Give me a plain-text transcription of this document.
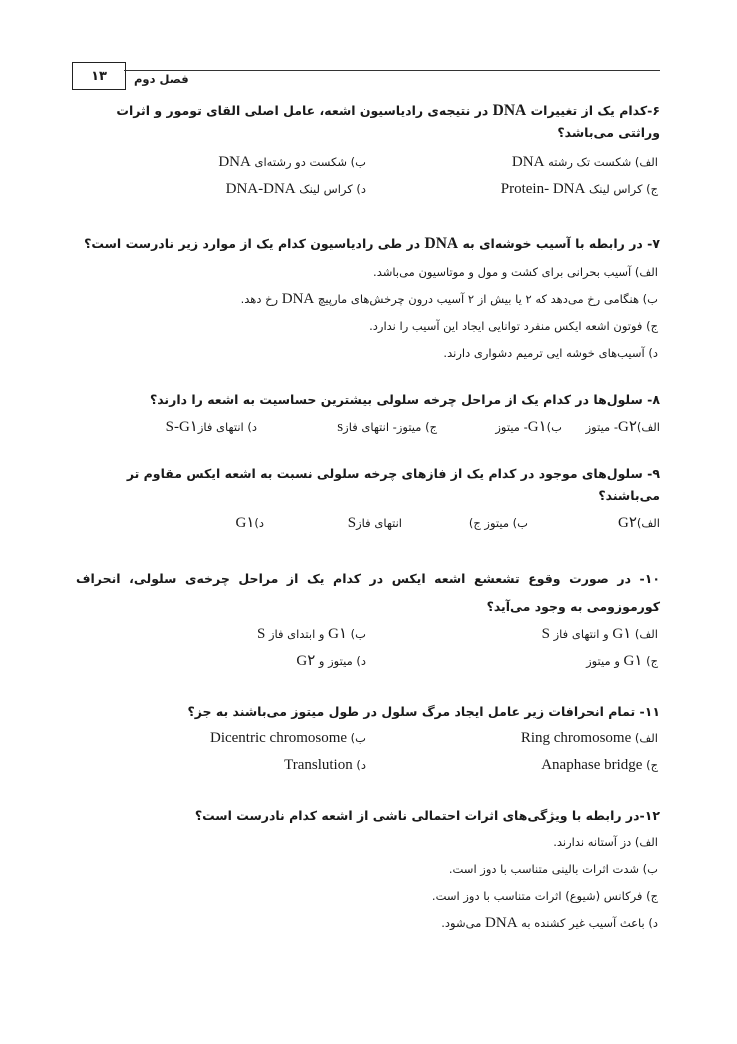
۱۳	فصل دوم

۶-کدام یک از تغییرات DNA در نتیجه‌ی رادیاسیون اشعه، عامل اصلی القای تومور و اثرات وراثتی می‌باشد؟

الف) شکست تک رشته DNA

ب) شکست دو رشته‌ای DNA

ج) کراس لینک Protein- DNA

د) کراس لینک DNA-DNA

۷- در رابطه با آسیب خوشه‌ای به DNA در طی رادیاسیون کدام یک از موارد زیر نادرست است؟

الف) آسیب بحرانی برای کشت و مول و موتاسیون می‌باشد.

ب) هنگامی رخ می‌دهد که ۲ یا بیش از ۲ آسیب درون چرخش‌های مارپیچ DNA رخ دهد.

ج) فوتون اشعه ایکس منفرد توانایی ایجاد این آسیب را ندارد.

د) آسیب‌های خوشه ایی ترمیم دشواری دارند.

۸- سلول‌ها در کدام یک از مراحل چرخه سلولی بیشترین حساسیت به اشعه را دارند؟

الف)G۲- میتوز
ب)G۱- میتوز
ج) میتوز- انتهای فازs
د) انتهای فازS-G۱

۹- سلول‌های موجود در کدام یک از فازهای چرخه سلولی نسبت به اشعه ایکس مقاوم تر می‌باشند؟

الف)G۲
ب) میتوز ج)
انتهای فازS
د)G۱

۱۰- در صورت وقوع تشعشع اشعه ایکس در کدام یک از مراحل چرخه‌ی سلولی، انحراف کورموزومی به وجود می‌آید؟

الف) G۱ و انتهای فاز S

ب) G۱ و ابتدای فاز S

ج) G۱ و میتوز

د) میتوز و G۲

۱۱- تمام انحرافات زیر عامل ایجاد مرگ سلول در طول میتوز می‌باشند به جز؟

الف) Ring chromosome

ب) Dicentric chromosome

ج) Anaphase bridge

د) Translution

۱۲-در رابطه با ویژگی‌های اثرات احتمالی ناشی از اشعه کدام نادرست است؟

الف) دز آستانه ندارند.

ب) شدت اثرات بالینی متناسب با دوز است.

ج) فرکانس (شیوع) اثرات متناسب با دوز است.

د) باعث آسیب غیر کشنده به DNA می‌شود.
